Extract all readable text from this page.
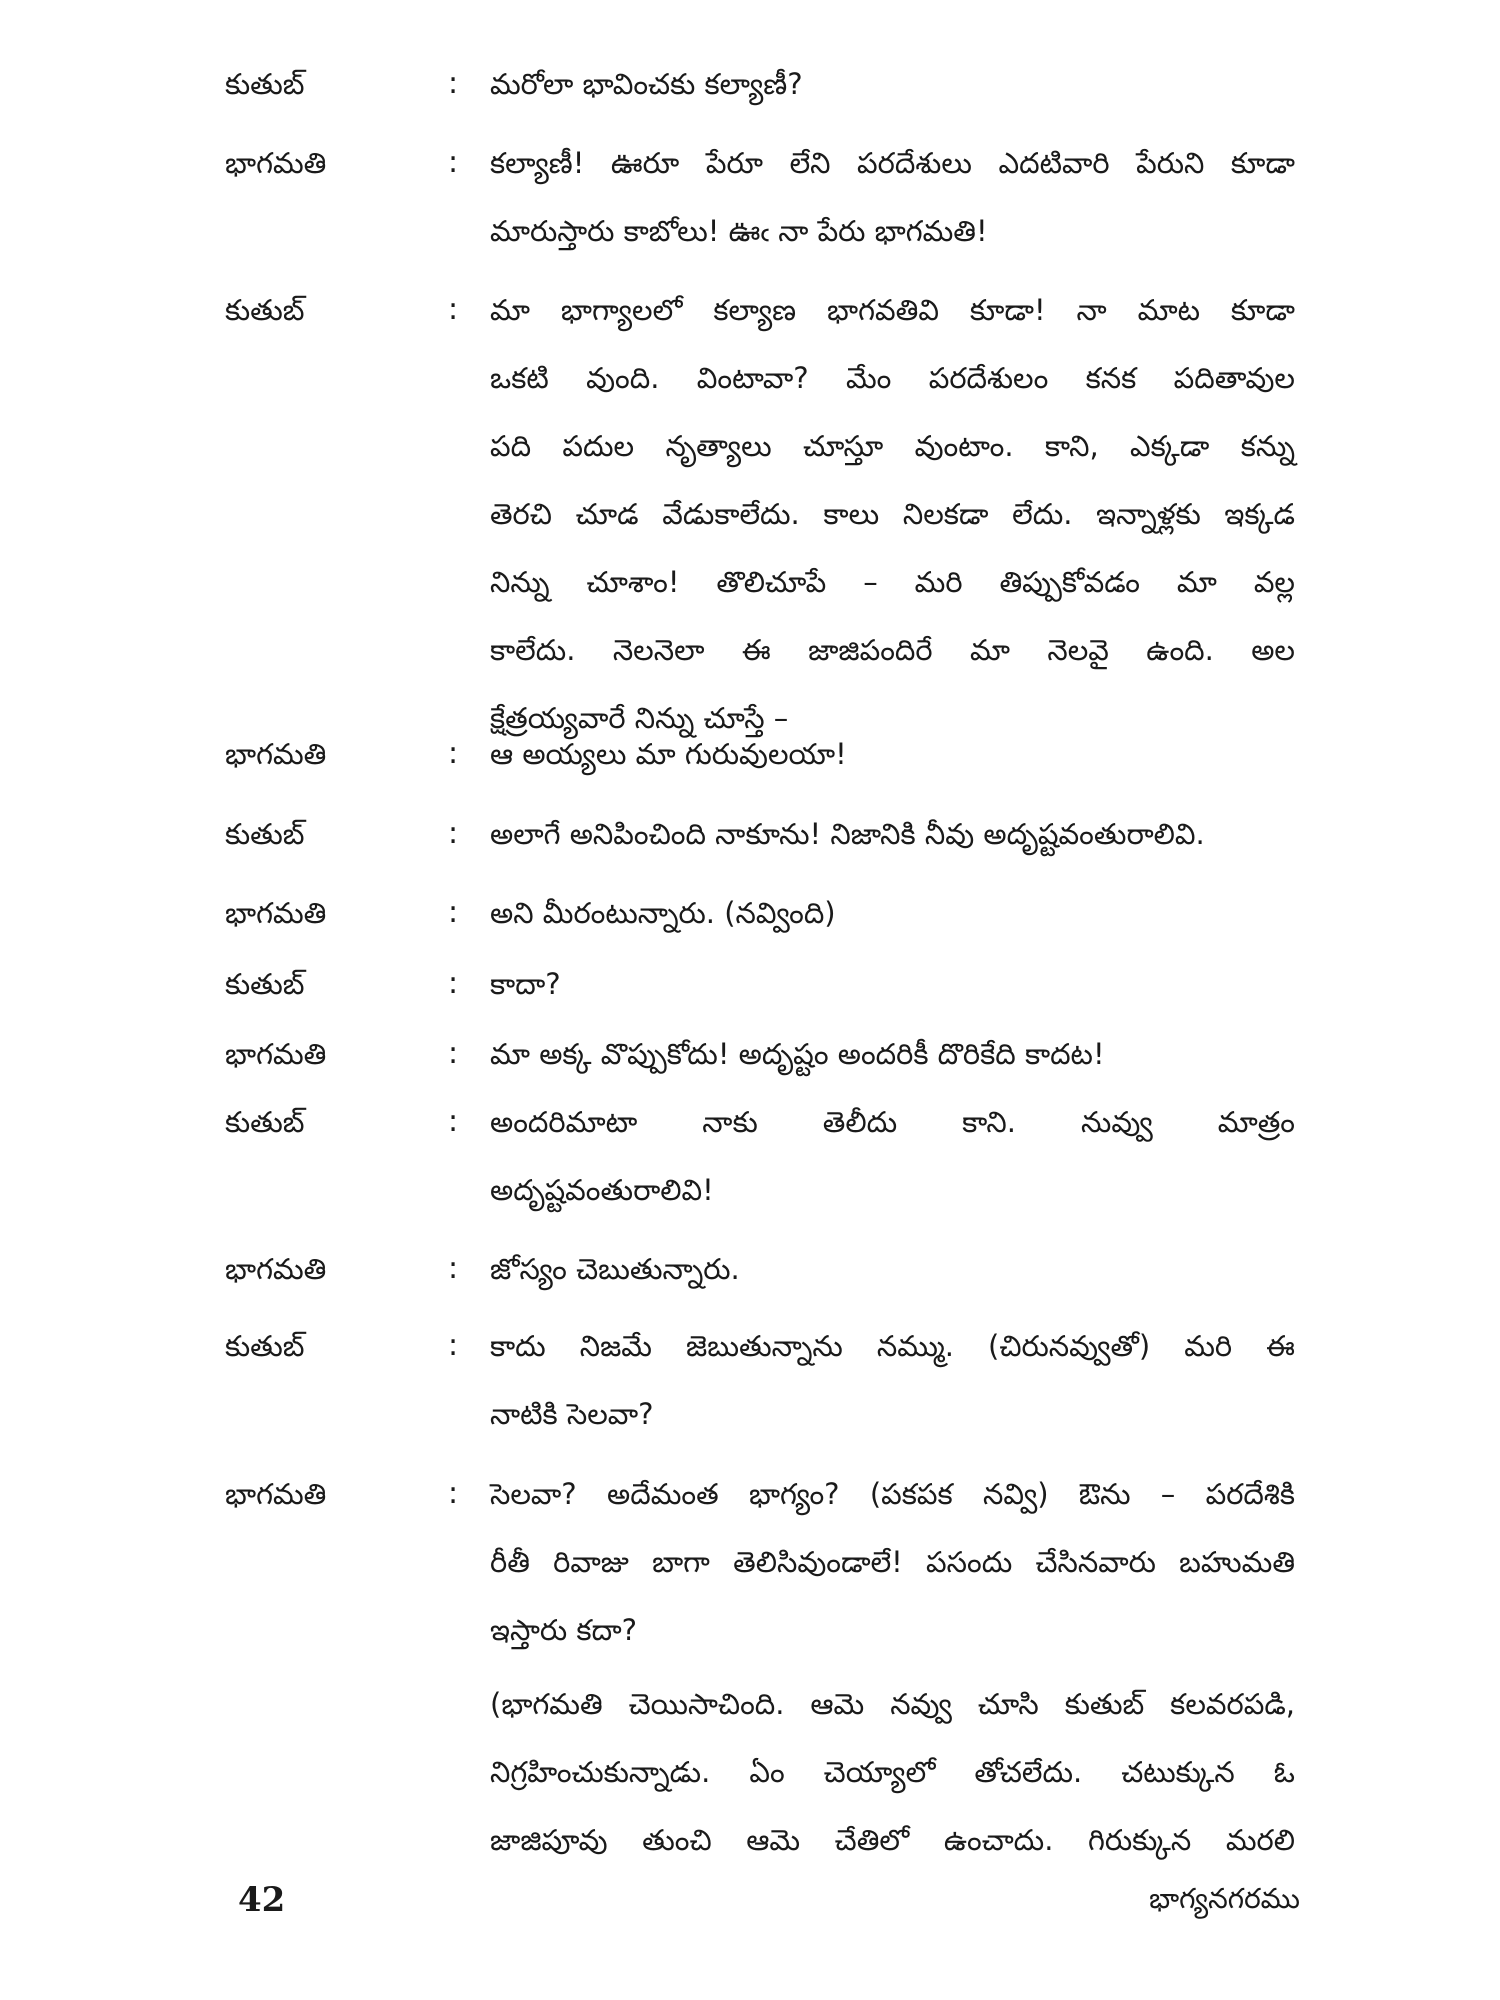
కుతుబ్	: మరోలా భావించకు కల్యాణీ?
భాగమతి	: కల్యాణీ! ఊరూ పేరూ లేని పరదేశులు ఎదటివారి పేరుని కూడా
మారుస్తారు కాబోలు! ఊఁ నా పేరు భాగమతి!
కుతుబ్	: మా భాగ్యాలలో కల్యాణ భాగవతివి కూడా! నా మాట కూడా
ఒకటి వుంది. వింటావా? మేం పరదేశులం కనక పదితావుల
పది పదుల నృత్యాలు చూస్తూ వుంటాం. కాని, ఎక్కడా కన్ను
తెరచి చూడ వేడుకాలేదు. కాలు నిలకడా లేదు. ఇన్నాళ్లకు ఇక్కడ
నిన్ను చూశాం! తొలిచూపే – మరి తిప్పుకోవడం మా వల్ల
కాలేదు. నెలనెలా ఈ జాజిపందిరే మా నెలవై ఉంది. అల
క్షేత్రయ్యవారే నిన్ను చూస్తే –
భాగమతి	: ఆ అయ్యలు మా గురువులయా!
కుతుబ్	: అలాగే అనిపించింది నాకూను! నిజానికి నీవు అదృష్టవంతురాలివి.
భాగమతి	: అని మీరంటున్నారు. (నవ్వింది)
కుతుబ్	: కాదా?
భాగమతి	: మా అక్క వొప్పుకోదు! అదృష్టం అందరికీ దొరికేది కాదట!
కుతుబ్	: అందరిమాటా నాకు తెలీదు కాని. నువ్వు మాత్రం
అదృష్టవంతురాలివి!
భాగమతి	: జోస్యం చెబుతున్నారు.
కుతుబ్	: కాదు నిజమే జెబుతున్నాను నమ్ము. (చిరునవ్వుతో) మరి ఈ
నాటికి సెలవా?
భాగమతి	: సెలవా? అదేమంత భాగ్యం? (పకపక నవ్వి) ఔను – పరదేశికి
రీతీ రివాజు బాగా తెలిసివుండాలే! పసందు చేసినవారు బహుమతి
ఇస్తారు కదా?
(భాగమతి చెయిసాచింది. ఆమె నవ్వు చూసి కుతుబ్ కలవరపడి,
నిగ్రహించుకున్నాడు. ఏం చెయ్యాలో తోచలేదు. చటుక్కున ఓ
జాజిపూవు తుంచి ఆమె చేతిలో ఉంచాదు. గిరుక్కున మరలి
42	భాగ్యనగరము
